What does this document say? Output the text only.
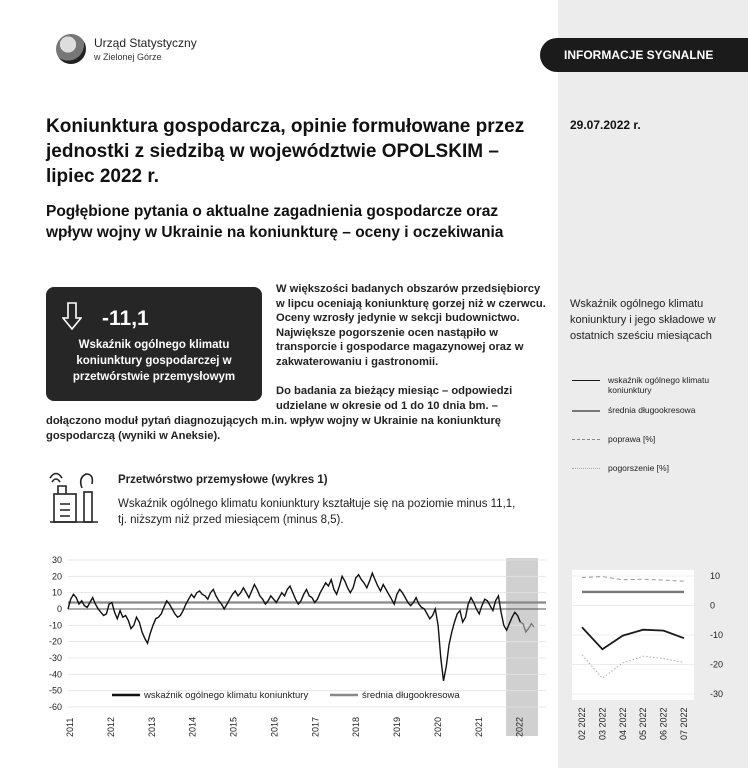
INFORMACJE SYGNALNE
29.07.2022 r.
Urząd Statystyczny
w Zielonej Górze
Koniunktura gospodarcza, opinie formułowane przez jednostki z siedzibą w województwie OPOLSKIM – lipiec 2022 r.
Pogłębione pytania o aktualne zagadnienia gospodarcze oraz wpływ wojny w Ukrainie na koniunkturę – oceny i oczekiwania
-11,1
Wskaźnik ogólnego klimatu koniunktury gospodarczej w przetwórstwie przemysłowym
W większości badanych obszarów przedsiębiorcy w lipcu oceniają koniunkturę gorzej niż w czerwcu. Oceny wzrosły jedynie w sekcji budownictwo. Największe pogorszenie ocen nastąpiło w transporcie i gospodarce magazynowej oraz w zakwaterowaniu i gastronomii.
Do badania za bieżący miesiąc – odpowiedzi udzielane w okresie od 1 do 10 dnia bm. –
dołączono moduł pytań diagnozujących m.in. wpływ wojny w Ukrainie na koniunkturę gospodarczą (wyniki w Aneksie).
Przetwórstwo przemysłowe (wykres 1)
Wskaźnik ogólnego klimatu koniunktury kształtuje się na poziomie minus 11,1, tj. niższym niż przed miesiącem (minus 8,5).
30
20
10
0
-10
-20
-30
-40
-50
-60
2011	2012	2013	2014	2015	2016	2017	2018	2019	2020	2021	2022
wskaźnik ogólnego klimatu koniunktury	średnia długookresowa
Wskaźnik ogólnego klimatu koniunktury i jego składowe w ostatnich sześciu miesiącach
wskaźnik ogólnego klimatu koniunktury
średnia długookresowa
poprawa [%]
pogorszenie [%]
10
0
-10
-20
-30
02 2022 03 2022 04 2022 05 2022 06 2022 07 2022
